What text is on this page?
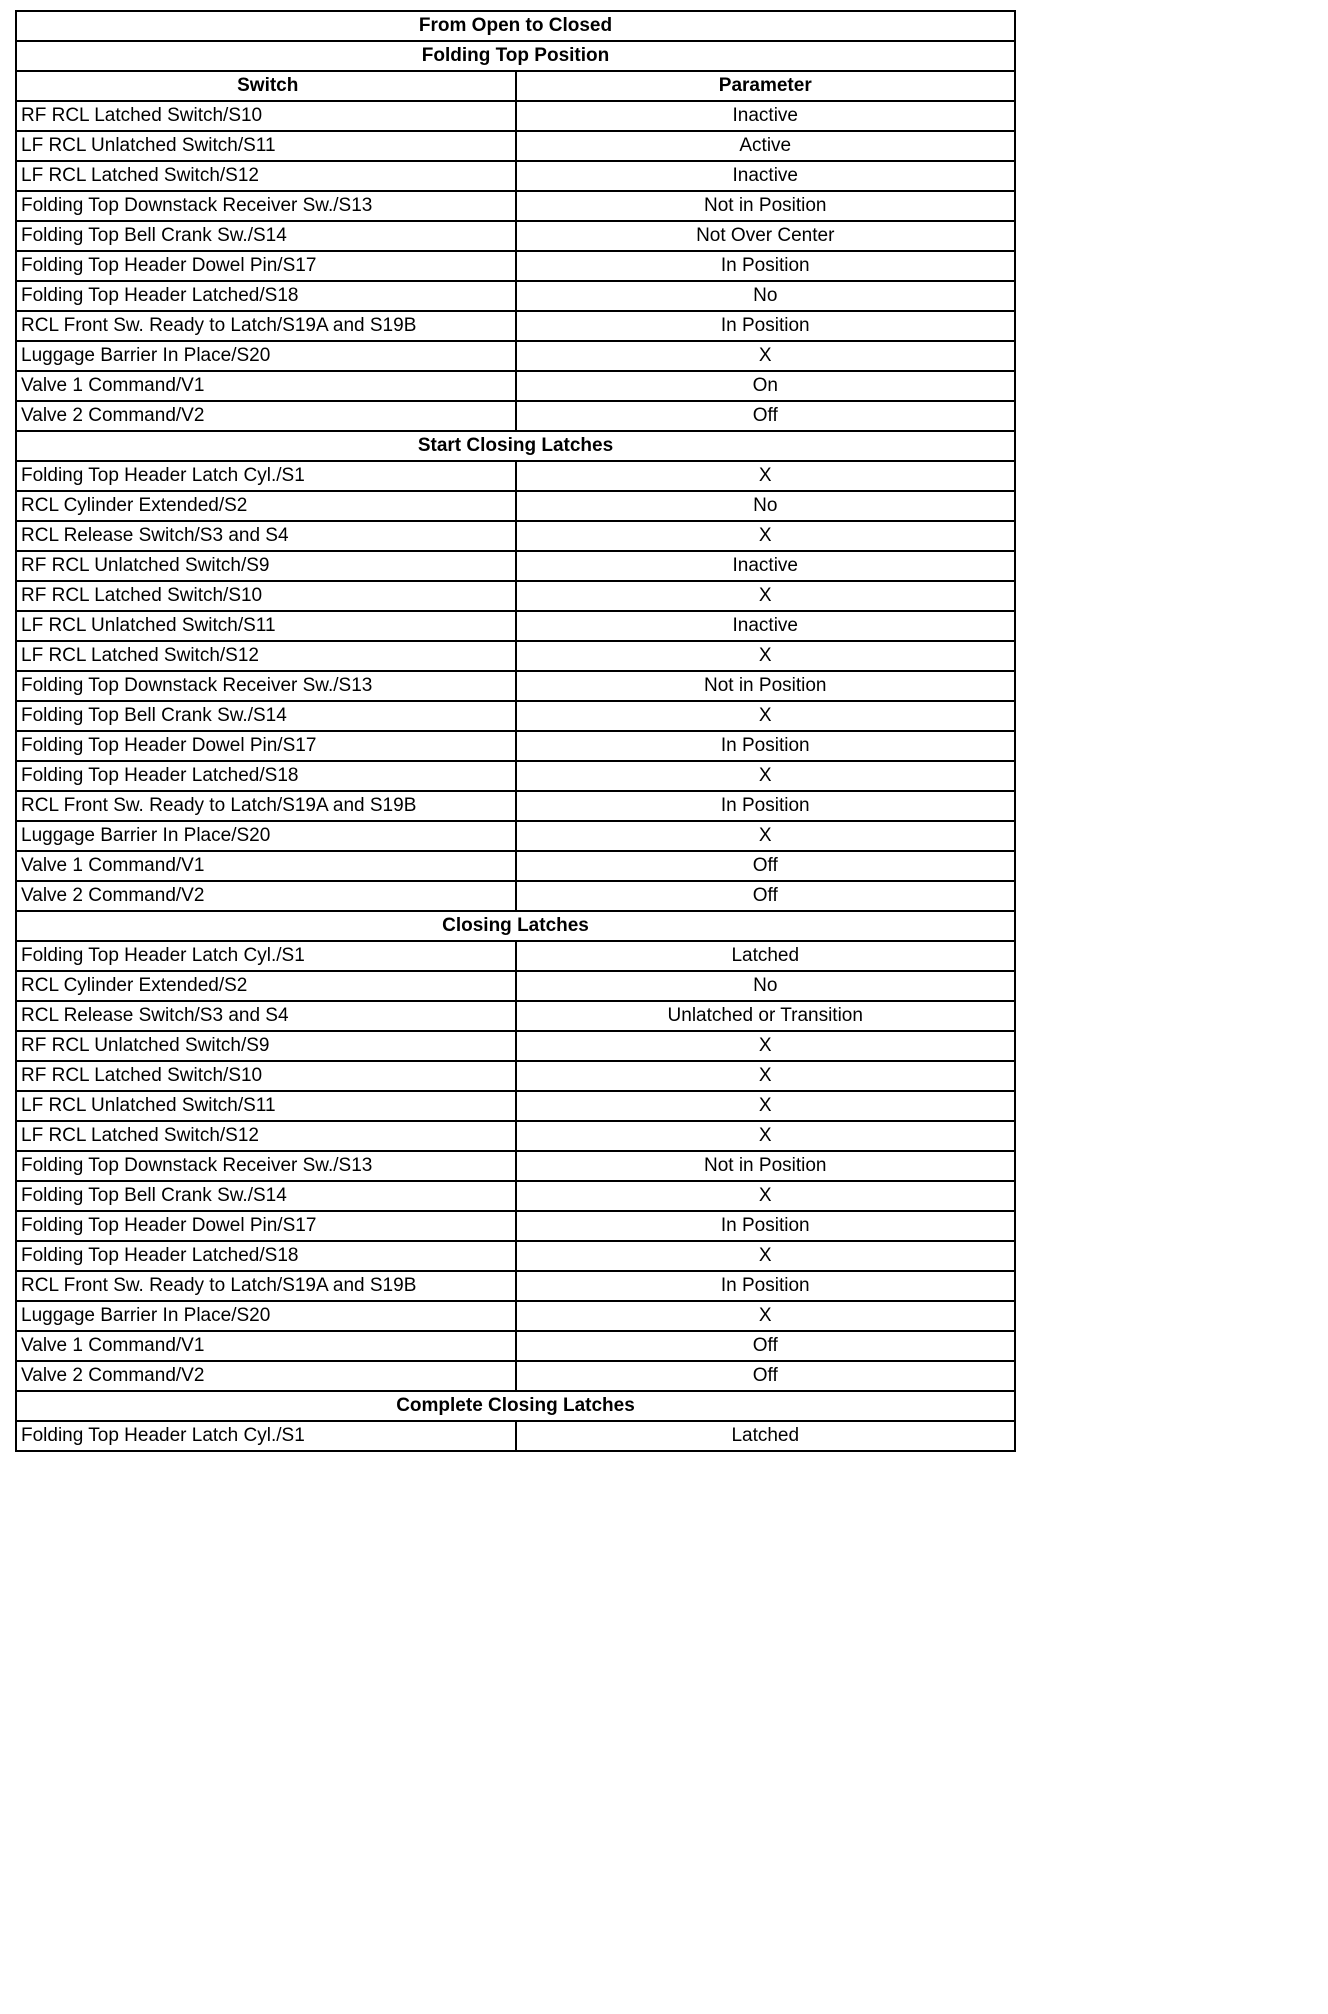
From Open to Closed	
Folding Top Position	
Switch	Parameter
RF RCL Latched Switch/S10	Inactive
LF RCL Unlatched Switch/S11	Active
LF RCL Latched Switch/S12	Inactive
Folding Top Downstack Receiver Sw./S13	Not in Position
Folding Top Bell Crank Sw./S14	Not Over Center
Folding Top Header Dowel Pin/S17	In Position
Folding Top Header Latched/S18	No
RCL Front Sw. Ready to Latch/S19A and S19B	In Position
Luggage Barrier In Place/S20	X
Valve 1 Command/V1	On
Valve 2 Command/V2	Off
Start Closing Latches	
Folding Top Header Latch Cyl./S1	X
RCL Cylinder Extended/S2	No
RCL Release Switch/S3 and S4	X
RF RCL Unlatched Switch/S9	Inactive
RF RCL Latched Switch/S10	X
LF RCL Unlatched Switch/S11	Inactive
LF RCL Latched Switch/S12	X
Folding Top Downstack Receiver Sw./S13	Not in Position
Folding Top Bell Crank Sw./S14	X
Folding Top Header Dowel Pin/S17	In Position
Folding Top Header Latched/S18	X
RCL Front Sw. Ready to Latch/S19A and S19B	In Position
Luggage Barrier In Place/S20	X
Valve 1 Command/V1	Off
Valve 2 Command/V2	Off
Closing Latches	
Folding Top Header Latch Cyl./S1	Latched
RCL Cylinder Extended/S2	No
RCL Release Switch/S3 and S4	Unlatched or Transition
RF RCL Unlatched Switch/S9	X
RF RCL Latched Switch/S10	X
LF RCL Unlatched Switch/S11	X
LF RCL Latched Switch/S12	X
Folding Top Downstack Receiver Sw./S13	Not in Position
Folding Top Bell Crank Sw./S14	X
Folding Top Header Dowel Pin/S17	In Position
Folding Top Header Latched/S18	X
RCL Front Sw. Ready to Latch/S19A and S19B	In Position
Luggage Barrier In Place/S20	X
Valve 1 Command/V1	Off
Valve 2 Command/V2	Off
Complete Closing Latches	
Folding Top Header Latch Cyl./S1	Latched
